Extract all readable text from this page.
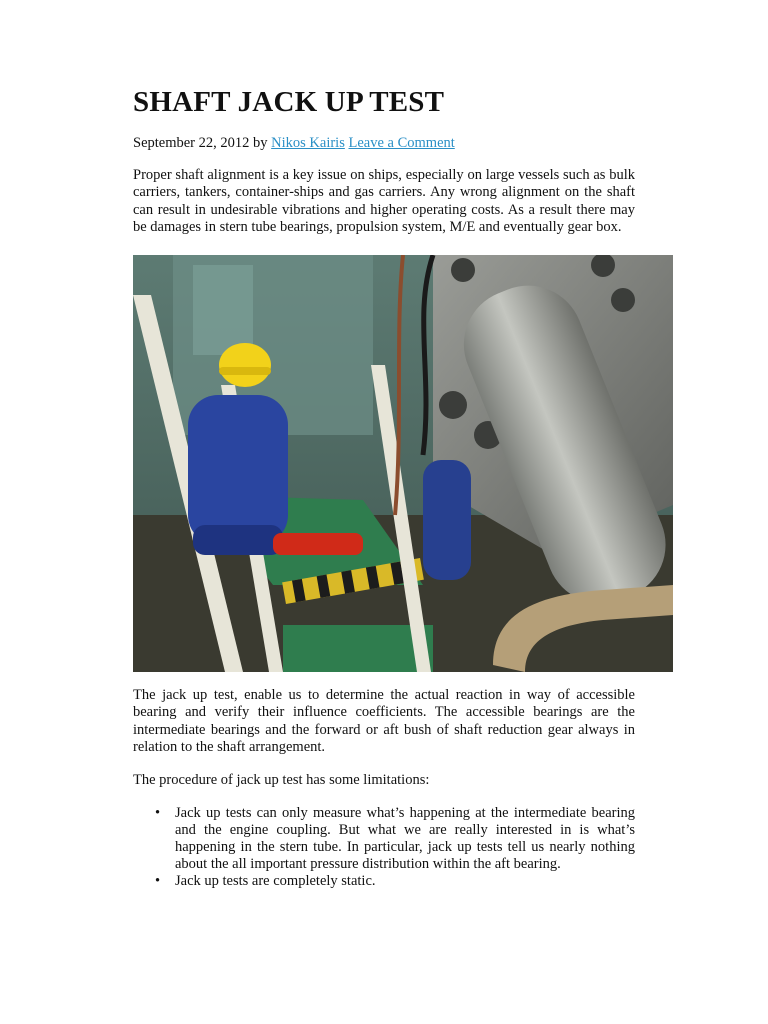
SHAFT JACK UP TEST
September 22, 2012 by Nikos Kairis Leave a Comment

Proper shaft alignment is a key issue on ships, especially on large vessels such as bulk carriers, tankers, container-ships and gas carriers. Any wrong alignment on the shaft can result in undesirable vibrations and higher operating costs. As a result there may be damages in stern tube bearings, propulsion system, M/E and eventually gear box.

The jack up test, enable us to determine the actual reaction in way of accessible bearing and verify their influence coefficients. The accessible bearings are the intermediate bearings and the forward or aft bush of shaft reduction gear always in relation to the shaft arrangement.

The procedure of jack up test has some limitations:

• Jack up tests can only measure what’s happening at the intermediate bearing and the engine coupling. But what we are really interested in is what’s happening in the stern tube. In particular, jack up tests tell us nearly nothing about the all important pressure distribution within the aft bearing.
• Jack up tests are completely static.
